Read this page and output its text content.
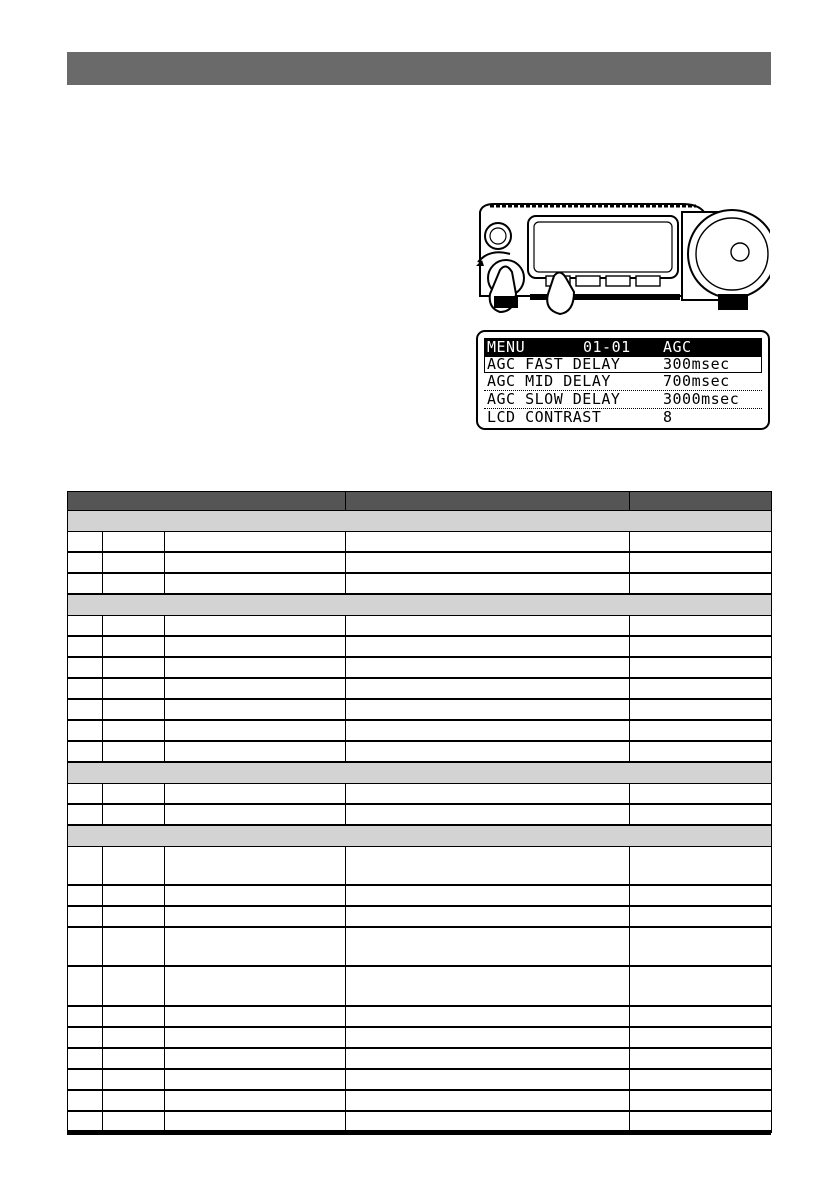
MENU	01-01	AGC
AGC FAST DELAY	300msec
AGC MID DELAY	700msec
AGC SLOW DELAY	3000msec
LCD CONTRAST	8
